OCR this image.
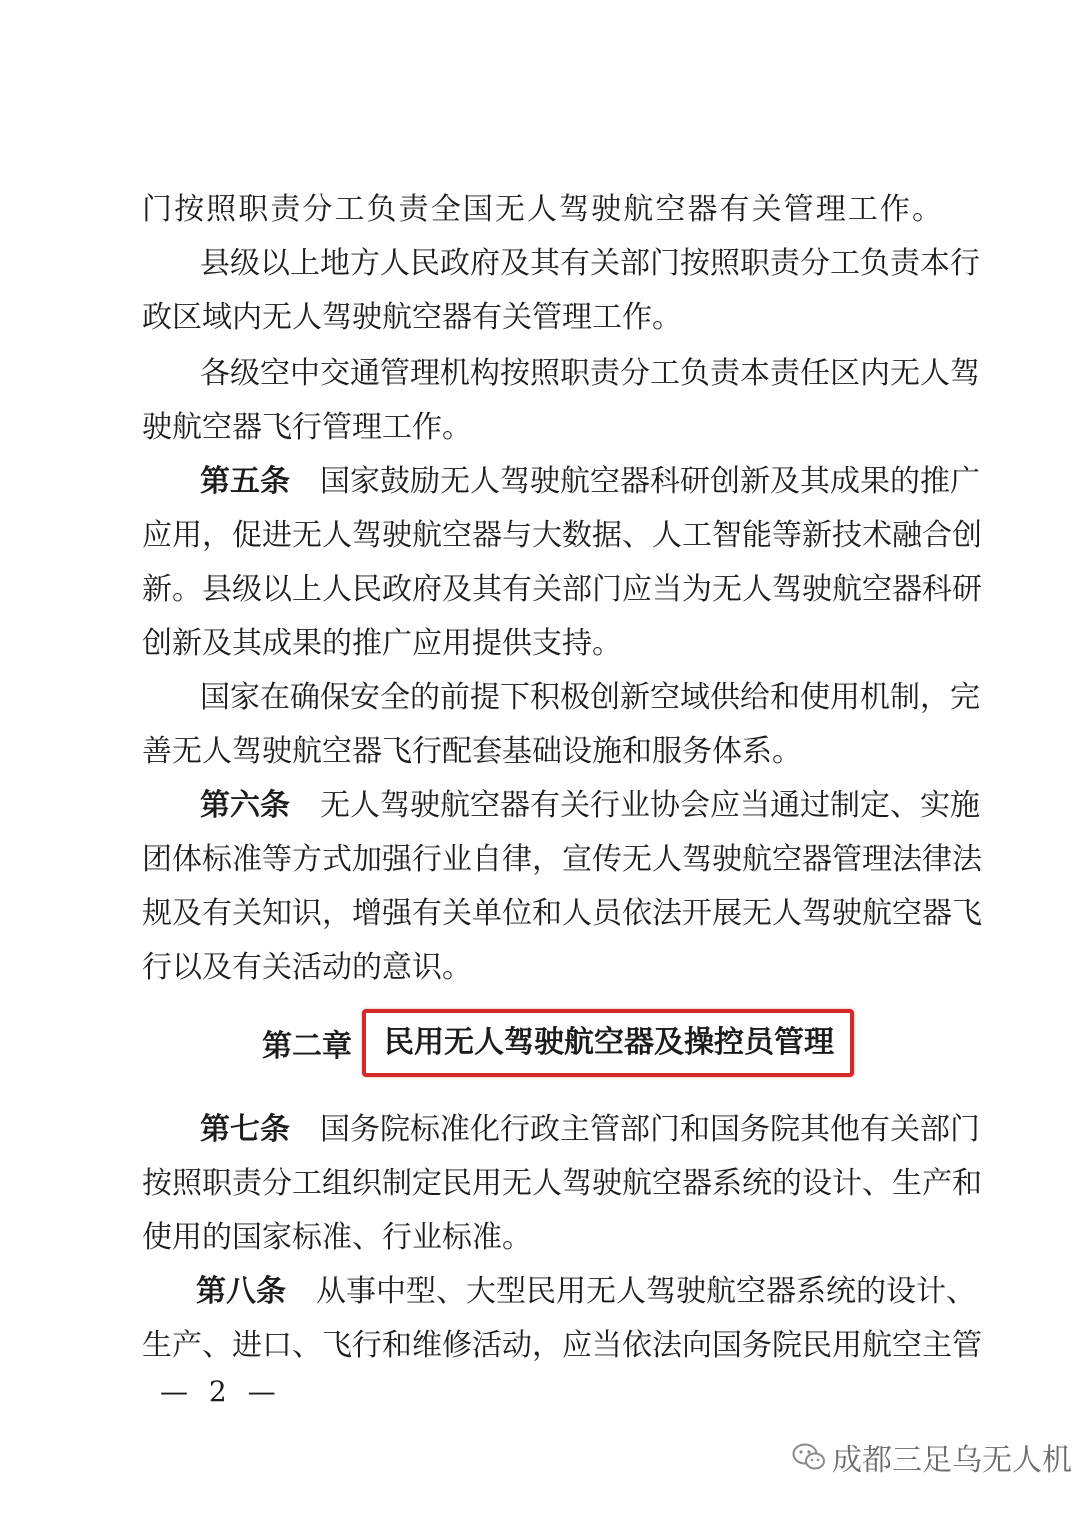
门按照职责分工负责全国无人驾驶航空器有关管理工作。
县级以上地方人民政府及其有关部门按照职责分工负责本行
政区域内无人驾驶航空器有关管理工作。
各级空中交通管理机构按照职责分工负责本责任区内无人驾
驶航空器飞行管理工作。
第五条 国家鼓励无人驾驶航空器科研创新及其成果的推广
应用，促进无人驾驶航空器与大数据、人工智能等新技术融合创
新。县级以上人民政府及其有关部门应当为无人驾驶航空器科研
创新及其成果的推广应用提供支持。
国家在确保安全的前提下积极创新空域供给和使用机制，完
善无人驾驶航空器飞行配套基础设施和服务体系。
第六条 无人驾驶航空器有关行业协会应当通过制定、实施
团体标准等方式加强行业自律，宣传无人驾驶航空器管理法律法
规及有关知识，增强有关单位和人员依法开展无人驾驶航空器飞
行以及有关活动的意识。
第二章	民用无人驾驶航空器及操控员管理
第七条 国务院标准化行政主管部门和国务院其他有关部门
按照职责分工组织制定民用无人驾驶航空器系统的设计、生产和
使用的国家标准、行业标准。
第八条 从事中型、大型民用无人驾驶航空器系统的设计、
生产、进口、飞行和维修活动，应当依法向国务院民用航空主管
— 2 —
成都三足乌无人机
